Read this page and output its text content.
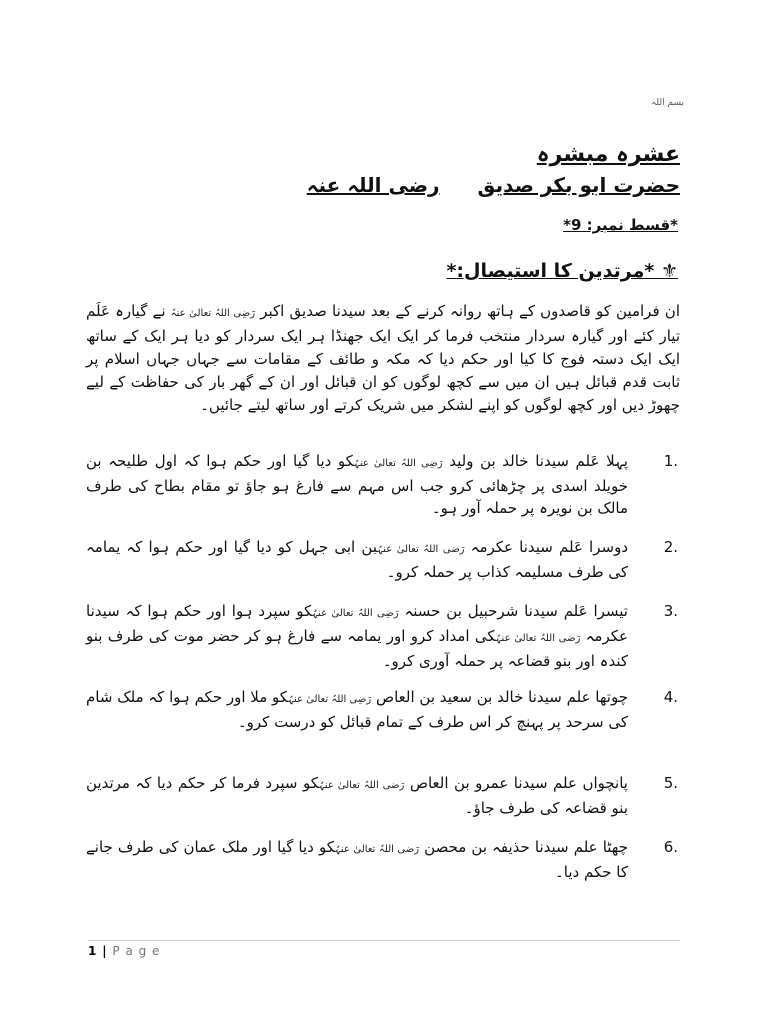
بسم اللہ
عشرہ مبشرہ
حضرت ابو بکر صدیقرضی اللہ عنہ
*قسط نمبر: 9*
⚜ *مرتدین کا استیصال:*
ان فرامین کو قاصدوں کے ہاتھ روانہ کرنے کے بعد سیدنا صدیق اکبر رَضِی اللہُ تعالیٰ عنہُ نے گیارہ عَلَم تیار کئے اور گیارہ سردار منتخب فرما کر ایک ایک جھنڈا ہر ایک سردار کو دیا ہر ایک کے ساتھ ایک ایک دستہ فوج کا کیا اور حکم دیا کہ مکہ و طائف کے مقامات سے جہاں جہاں اسلام پر ثابت قدم قبائل ہیں ان میں سے کچھ لوگوں کو ان قبائل اور ان کے گھر بار کی حفاظت کے لیے چھوڑ دیں اور کچھ لوگوں کو اپنے لشکر میں شریک کرتے اور ساتھ لیتے جائیں۔
1.
پہلا عَلم سیدنا خالد بن ولید رَضِی اللہُ تعالیٰ عنہُکو دیا گیا اور حکم ہوا کہ اول طلیحہ بن خویلد اسدی پر چڑھائی کرو جب اس مہم سے فارغ ہو جاؤ تو مقام بطاح کی طرف مالک بن نویرہ پر حملہ آور ہو۔
2.
دوسرا عَلم سیدنا عکرمہ رَضی اللہُ تعالیٰ عنہُبن ابی جہل کو دیا گیا اور حکم ہوا کہ یمامہ کی طرف مسلیمہ کذاب پر حملہ کرو۔
3.
تیسرا عَلم سیدنا شرحبیل بن حسنہ رَضِی اللہُ تعالیٰ عنہُکو سپرد ہوا اور حکم ہوا کہ سیدنا عکرمہ رَضی اللہُ تعالیٰ عنہُکی امداد کرو اور یمامہ سے فارغ ہو کر حضر موت کی طرف بنو کندہ اور بنو قضاعہ پر حملہ آوری کرو۔
4.
چوتھا علم سیدنا خالد بن سعید بن العاص رَضِی اللہُ تعالیٰ عنہُکو ملا اور حکم ہوا کہ ملک شام کی سرحد پر پہنچ کر اس طرف کے تمام قبائل کو درست کرو۔
5.
پانچواں علم سیدنا عمرو بن العاص رَضی اللہُ تعالیٰ عنہُکو سپرد فرما کر حکم دیا کہ مرتدین بنو قضاعہ کی طرف جاؤ۔
6.
چھٹا علم سیدنا حذیفہ بن محصن رَضی اللہُ تعالیٰ عنہُکو دیا گیا اور ملک عمان کی طرف جانے کا حکم دیا۔
1 | P a g e
